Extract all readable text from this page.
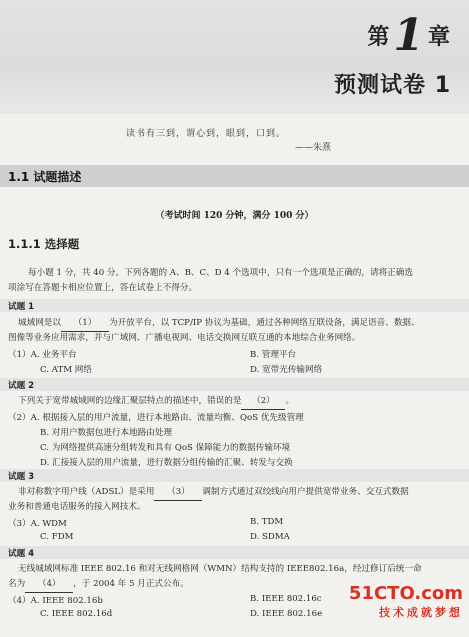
第1 章
预测试卷 1
读书有三到，谓心到，眼到，口到。
——朱熹
1.1 试题描述
（考试时间 120 分钟，满分 100 分）
1.1.1 选择题
每小题 1 分，共 40 分。下列各题的 A、B、C、D 4 个选项中，只有一个选项是正确的，请将正确选
项涂写在答题卡相应位置上，答在试卷上不得分。
试题 1
城域网是以 （1） 为开放平台，以 TCP/IP 协议为基础，通过各种网络互联设备，满足语音、数据、
图像等业务应用需求，并与广域网、广播电视网、电话交换网互联互通的本地综合业务网络。
（1）A. 业务平台	B. 管理平台
C. ATM 网络	D. 宽带光传输网络
试题 2
下列关于宽带城域网的边缘汇聚层特点的描述中，错误的是 （2） 。
（2）A. 根据接入层的用户流量，进行本地路由、流量均衡、QoS 优先级管理
B. 对用户数据包进行本地路由处理
C. 为网络提供高速分组转发和具有 QoS 保障能力的数据传输环境
D. 汇接接入层的用户流量，进行数据分组传输的汇聚、转发与交换
试题 3
非对称数字用户线（ADSL）是采用 （3） 调制方式通过双绞线向用户提供宽带业务、交互式数据
业务和普通电话服务的接入网技术。
（3）A. WDM	B. TDM
C. FDM	D. SDMA
试题 4
无线城域网标准 IEEE 802.16 和对无线网格网（WMN）结构支持的 IEEE802.16a，经过修订后统一命
名为 （4） ，于 2004 年 5 月正式公布。
（4）A. IEEE 802.16b	B. IEEE 802.16c
C. IEEE 802.16d	D. IEEE 802.16e
51CTO.com
技术成就梦想
